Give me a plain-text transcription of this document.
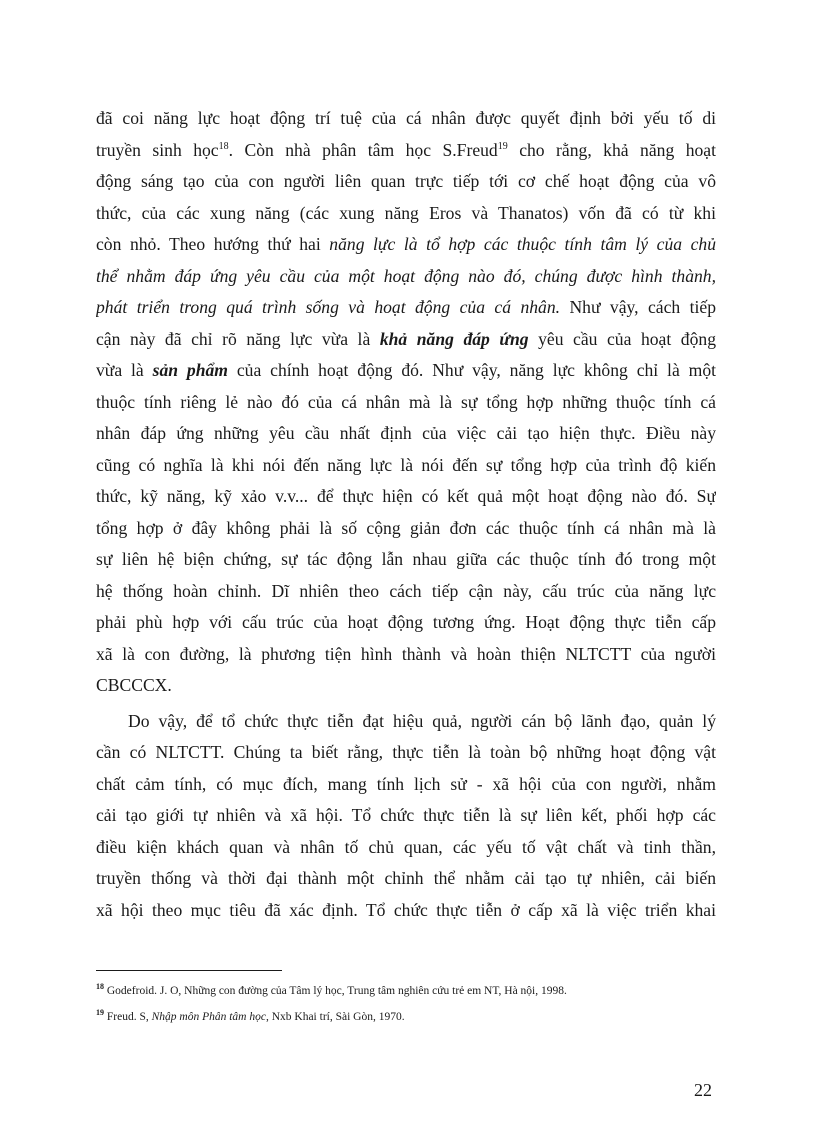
đã coi năng lực hoạt động trí tuệ của cá nhân được quyết định bởi yếu tố di
truyền sinh học$^{18}$. Còn nhà phân tâm học S.Freud$^{19}$ cho rằng, khả năng hoạt
động sáng tạo của con người liên quan trực tiếp tới cơ chế hoạt động của vô
thức, của các xung năng (các xung năng Eros và Thanatos) vốn đã có từ khi
còn nhỏ. Theo hướng thứ hai năng lực là tổ hợp các thuộc tính tâm lý của chủ
thể nhằm đáp ứng yêu cầu của một hoạt động nào đó, chúng được hình thành,
phát triển trong quá trình sống và hoạt động của cá nhân. Như vậy, cách tiếp
cận này đã chỉ rõ năng lực vừa là khả năng đáp ứng yêu cầu của hoạt động
vừa là sản phẩm của chính hoạt động đó. Như vậy, năng lực không chỉ là một
thuộc tính riêng lẻ nào đó của cá nhân mà là sự tổng hợp những thuộc tính cá
nhân đáp ứng những yêu cầu nhất định của việc cải tạo hiện thực. Điều này
cũng có nghĩa là khi nói đến năng lực là nói đến sự tổng hợp của trình độ kiến
thức, kỹ năng, kỹ xảo v.v... để thực hiện có kết quả một hoạt động nào đó. Sự
tổng hợp ở đây không phải là số cộng giản đơn các thuộc tính cá nhân mà là
sự liên hệ biện chứng, sự tác động lẫn nhau giữa các thuộc tính đó trong một
hệ thống hoàn chỉnh. Dĩ nhiên theo cách tiếp cận này, cấu trúc của năng lực
phải phù hợp với cấu trúc của hoạt động tương ứng. Hoạt động thực tiễn cấp
xã là con đường, là phương tiện hình thành và hoàn thiện NLTCTT của người
CBCCCX.
Do vậy, để tổ chức thực tiễn đạt hiệu quả, người cán bộ lãnh đạo, quản lý
cần có NLTCTT. Chúng ta biết rằng, thực tiễn là toàn bộ những hoạt động vật
chất cảm tính, có mục đích, mang tính lịch sử - xã hội của con người, nhằm
cải tạo giới tự nhiên và xã hội. Tổ chức thực tiễn là sự liên kết, phối hợp các
điều kiện khách quan và nhân tố chủ quan, các yếu tố vật chất và tinh thần,
truyền thống và thời đại thành một chỉnh thể nhằm cải tạo tự nhiên, cải biến
xã hội theo mục tiêu đã xác định. Tổ chức thực tiễn ở cấp xã là việc triển khai
$^{18}$ Godefroid. J. O, Những con đường của Tâm lý học, Trung tâm nghiên cứu trẻ em NT, Hà nội, 1998.
$^{19}$ Freud. S, Nhập môn Phân tâm học, Nxb Khai trí, Sài Gòn, 1970.
22
